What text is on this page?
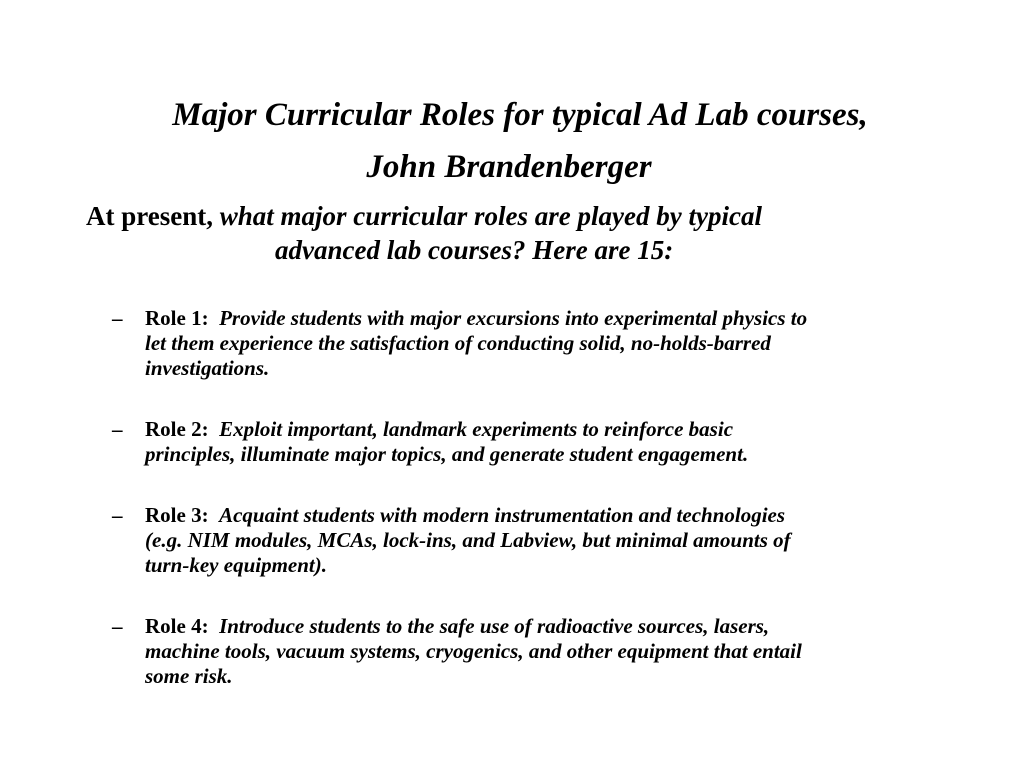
Major Curricular Roles for typical Ad Lab courses,
John Brandenberger
At present, what major curricular roles are played by typical
advanced lab courses? Here are 15:
–	Role 1: Provide students with major excursions into experimental physics to
let them experience the satisfaction of conducting solid, no-holds-barred
investigations.
–	Role 2: Exploit important, landmark experiments to reinforce basic
principles, illuminate major topics, and generate student engagement.
–	Role 3: Acquaint students with modern instrumentation and technologies
(e.g. NIM modules, MCAs, lock-ins, and Labview, but minimal amounts of
turn-key equipment).
–	Role 4: Introduce students to the safe use of radioactive sources, lasers,
machine tools, vacuum systems, cryogenics, and other equipment that entail
some risk.
